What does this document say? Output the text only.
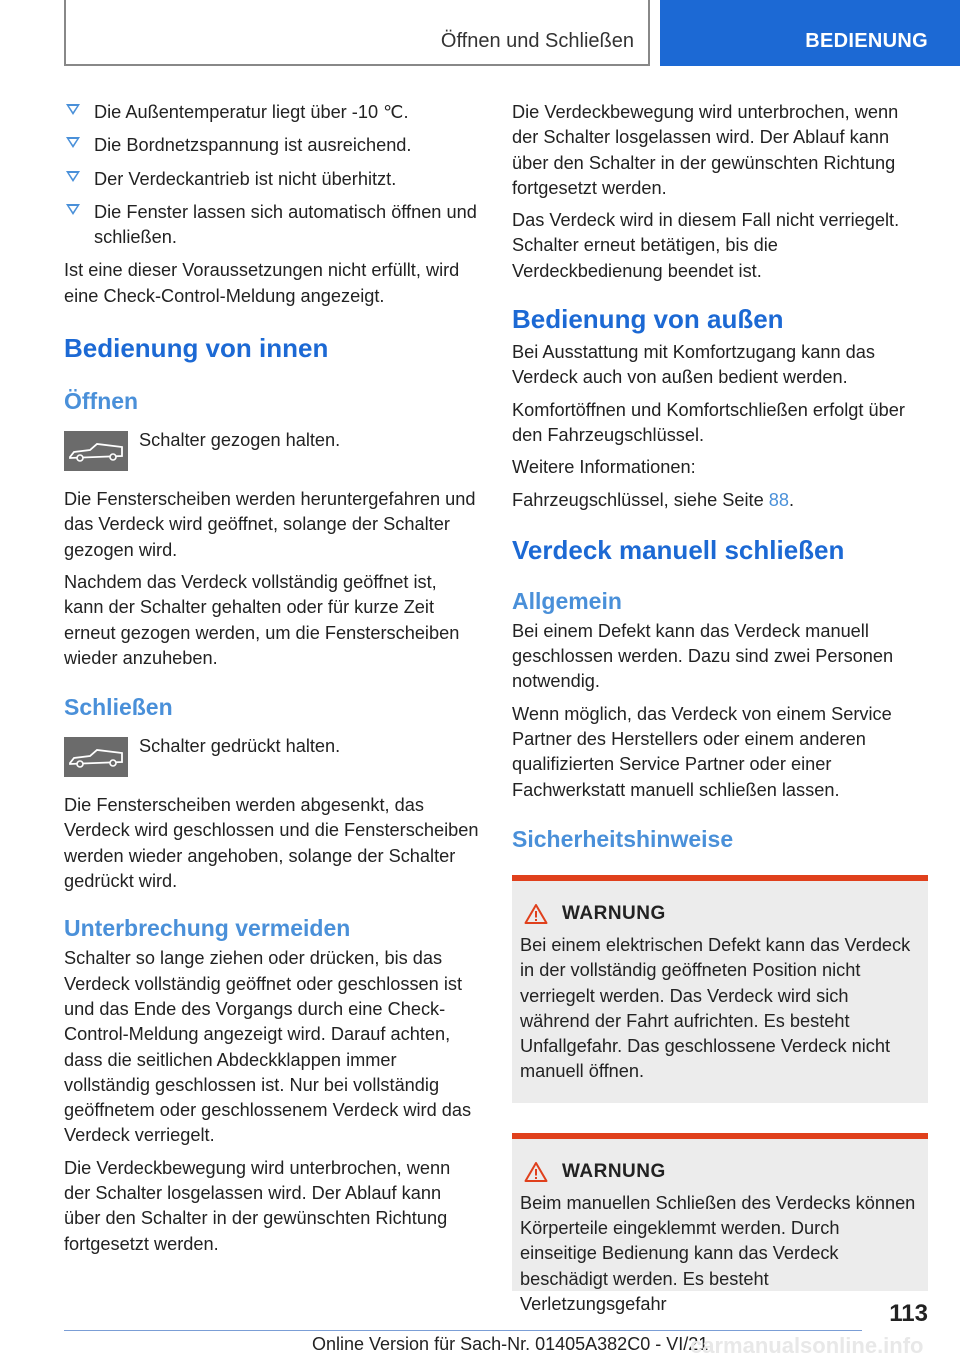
Öffnen und Schließen	BEDIENUNG
Die Außentemperatur liegt über -10 ℃.
Die Bordnetzspannung ist ausreichend.
Der Verdeckantrieb ist nicht überhitzt.
Die Fenster lassen sich automatisch öffnen und schließen.

Ist eine dieser Voraussetzungen nicht erfüllt, wird eine Check-Control-Meldung angezeigt.

Bedienung von innen
Öffnen

Schalter gezogen halten.

Die Fensterscheiben werden heruntergefahren und das Verdeck wird geöffnet, solange der Schalter gezogen wird.

Nachdem das Verdeck vollständig geöffnet ist, kann der Schalter gehalten oder für kurze Zeit erneut gezogen werden, um die Fensterscheiben wieder anzuheben.

Schließen

Schalter gedrückt halten.

Die Fensterscheiben werden abgesenkt, das Verdeck wird geschlossen und die Fensterscheiben werden wieder angehoben, solange der Schalter gedrückt wird.

Unterbrechung vermeiden

Schalter so lange ziehen oder drücken, bis das Verdeck vollständig geöffnet oder geschlossen ist und das Ende des Vorgangs durch eine Check-Control-Meldung angezeigt wird. Darauf achten, dass die seitlichen Abdeckklappen immer vollständig geschlossen ist. Nur bei vollständig geöffnetem oder geschlossenem Verdeck wird das Verdeck verriegelt.

Die Verdeckbewegung wird unterbrochen, wenn der Schalter losgelassen wird. Der Ablauf kann über den Schalter in der gewünschten Richtung fortgesetzt werden.

Die Verdeckbewegung wird unterbrochen, wenn der Schalter losgelassen wird. Der Ablauf kann über den Schalter in der gewünschten Richtung fortgesetzt werden.

Das Verdeck wird in diesem Fall nicht verriegelt. Schalter erneut betätigen, bis die Verdeckbedienung beendet ist.

Bedienung von außen

Bei Ausstattung mit Komfortzugang kann das Verdeck auch von außen bedient werden.

Komfortöffnen und Komfortschließen erfolgt über den Fahrzeugschlüssel.

Weitere Informationen:

Fahrzeugschlüssel, siehe Seite 88.

Verdeck manuell schließen
Allgemein

Bei einem Defekt kann das Verdeck manuell geschlossen werden. Dazu sind zwei Personen notwendig.

Wenn möglich, das Verdeck von einem Service Partner des Herstellers oder einem anderen qualifizierten Service Partner oder einer Fachwerkstatt manuell schließen lassen.

Sicherheitshinweise
WARNUNG

Bei einem elektrischen Defekt kann das Verdeck in der vollständig geöffneten Position nicht verriegelt werden. Das Verdeck wird sich während der Fahrt aufrichten. Es besteht Unfallgefahr. Das geschlossene Verdeck nicht manuell öffnen.

WARNUNG

Beim manuellen Schließen des Verdecks können Körperteile eingeklemmt werden. Durch einseitige Bedienung kann das Verdeck beschädigt werden. Es besteht Verletzungsgefahr	113
Online Version für Sach-Nr. 01405A382C0 - VI/21
carmanualsonline.info
